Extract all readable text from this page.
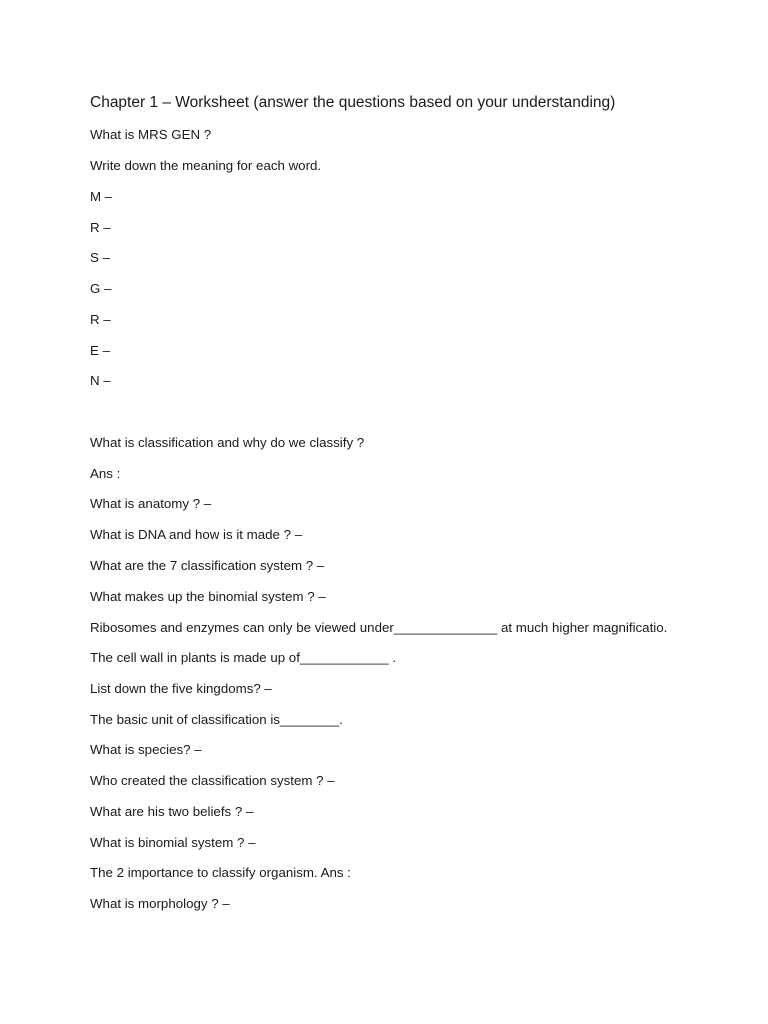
Chapter 1 – Worksheet (answer the questions based on your understanding)
What is MRS GEN ?
Write down the meaning for each word.
M –
R –
S –
G –
R –
E –
N –
What is classification and why do we classify ?
Ans :
What is anatomy ? –
What is DNA and how is it made ? –
What are the 7 classification system ? –
What makes up the binomial system ? –
Ribosomes and enzymes can only be viewed under______________ at much higher magnificatio.
The cell wall in plants is made up of____________ .
List down the five kingdoms? –
The basic unit of classification is________.
What is species? –
Who created the classification system ? –
What are his two beliefs ? –
What is binomial system ? –
The 2 importance to classify organism. Ans :
What is morphology ? –
